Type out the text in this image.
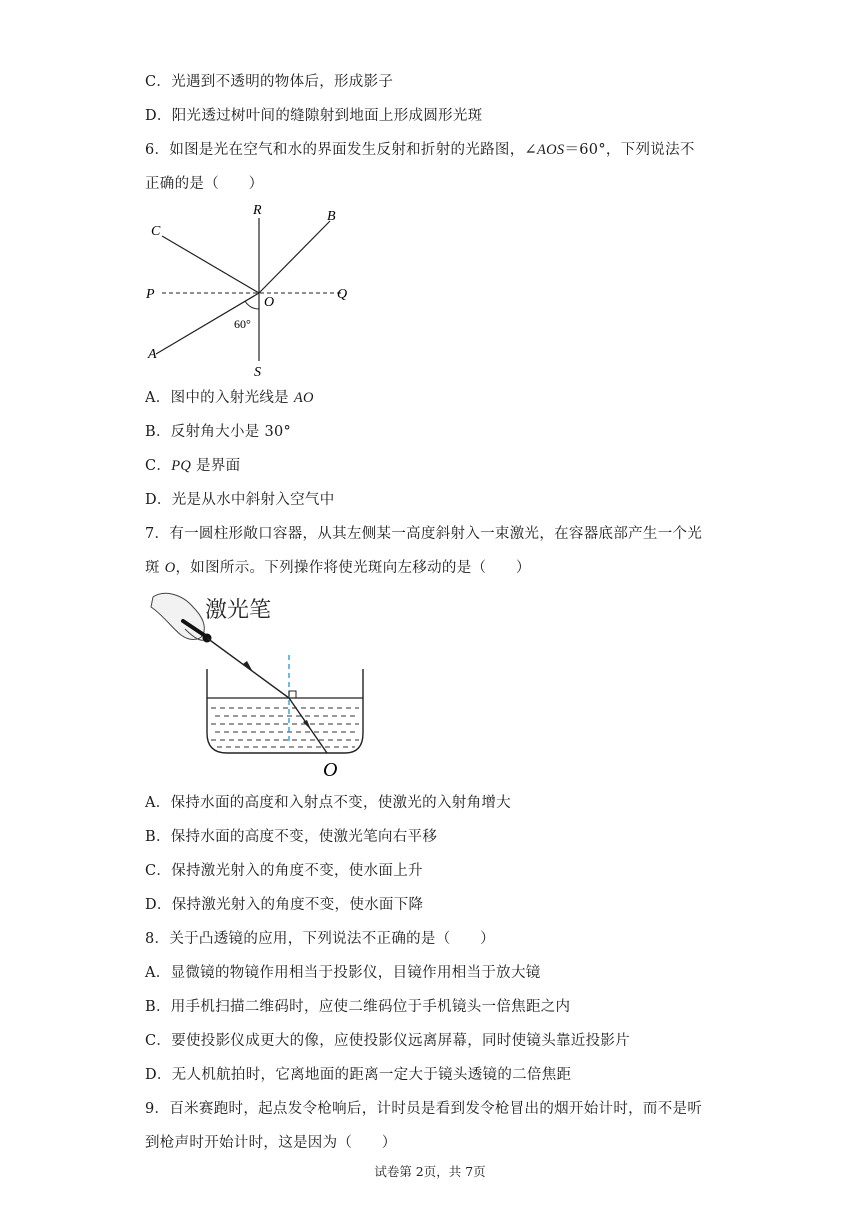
C．光遇到不透明的物体后，形成影子
D．阳光透过树叶间的缝隙射到地面上形成圆形光斑
6．如图是光在空气和水的界面发生反射和折射的光路图，∠AOS＝60°，下列说法不
正确的是（　　）
R	B
C
P
O
Q
60°
A
S
A．图中的入射光线是 AO
B．反射角大小是 30°
C．PQ 是界面
D．光是从水中斜射入空气中
7．有一圆柱形敞口容器，从其左侧某一高度斜射入一束激光，在容器底部产生一个光
斑 O，如图所示。下列操作将使光斑向左移动的是（　　）
激光笔
O
A．保持水面的高度和入射点不变，使激光的入射角增大
B．保持水面的高度不变，使激光笔向右平移
C．保持激光射入的角度不变，使水面上升
D．保持激光射入的角度不变，使水面下降
8．关于凸透镜的应用，下列说法不正确的是（　　）
A．显微镜的物镜作用相当于投影仪，目镜作用相当于放大镜
B．用手机扫描二维码时，应使二维码位于手机镜头一倍焦距之内
C．要使投影仪成更大的像，应使投影仪远离屏幕，同时使镜头靠近投影片
D．无人机航拍时，它离地面的距离一定大于镜头透镜的二倍焦距
9．百米赛跑时，起点发令枪响后，计时员是看到发令枪冒出的烟开始计时，而不是听
到枪声时开始计时，这是因为（　　）
试卷第 2页，共 7页
